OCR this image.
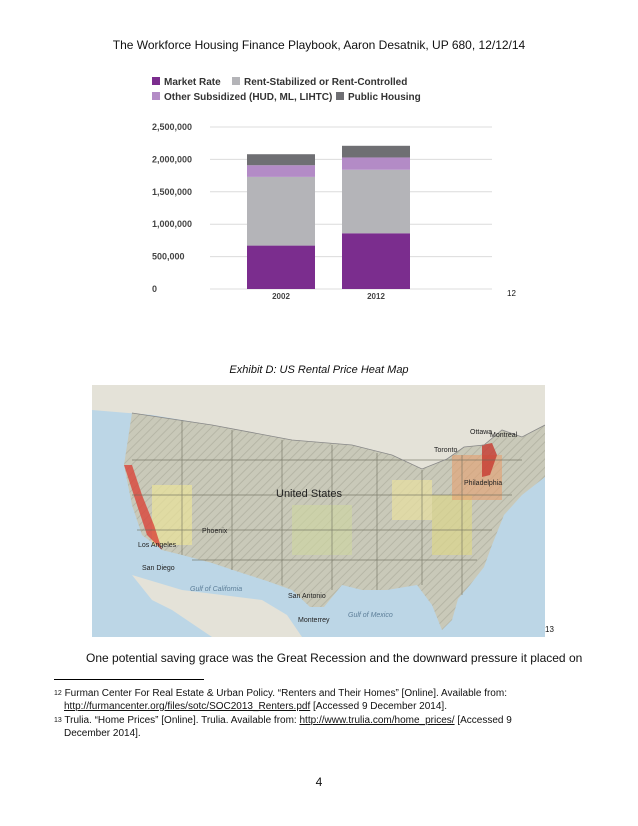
The Workforce Housing Finance Playbook, Aaron Desatnik, UP 680, 12/12/14
Market Rate Rent-Stabilized or Rent-Controlled
Other Subsidized (HUD, ML, LIHTC) Public Housing
0
500,000
1,000,000
1,500,000
2,000,000
2,500,000
2002	2012	12
Exhibit D: US Rental Price Heat Map
United States
Ottawa
Montreal
Toronto
Philadelphia
Los Angeles
San Diego
Phoenix
San Antonio
Monterrey
Gulf of California
Gulf of Mexico
13
One potential saving grace was the Great Recession and the downward pressure it placed on

$^{12}$ Furman Center For Real Estate & Urban Policy. “Renters and Their Homes” [Online]. Available from: http://furmancenter.org/files/sotc/SOC2013_Renters.pdf [Accessed 9 December 2014].

$^{13}$ Trulia. “Home Prices” [Online]. Trulia. Available from: http://www.trulia.com/home_prices/ [Accessed 9 December 2014].

4
